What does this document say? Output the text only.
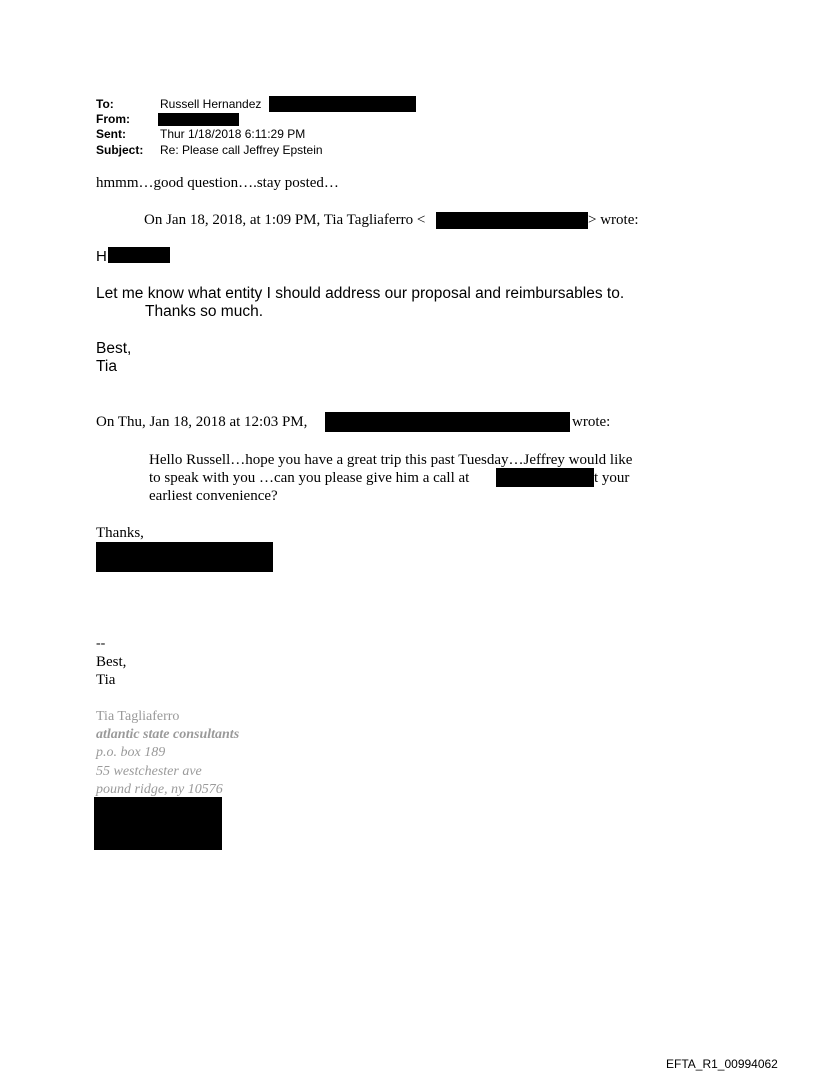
To:	Russell Hernandez
From:
Sent:	Thur 1/18/2018 6:11:29 PM
Subject: Re: Please call Jeffrey Epstein
hmmm…good question….stay posted…
On Jan 18, 2018, at 1:09 PM, Tia Tagliaferro <	> wrote:
H
Let me know what entity I should address our proposal and reimbursables to.
Thanks so much.
Best,
Tia
On Thu, Jan 18, 2018 at 12:03 PM,	wrote:
Hello Russell…hope you have a great trip this past Tuesday…Jeffrey would like
to speak with you …can you please give him a call at	t your
earliest convenience?
Thanks,
--
Best,
Tia
Tia Tagliaferro
atlantic state consultants
p.o. box 189
55 westchester ave
pound ridge, ny 10576
EFTA_R1_00994062
